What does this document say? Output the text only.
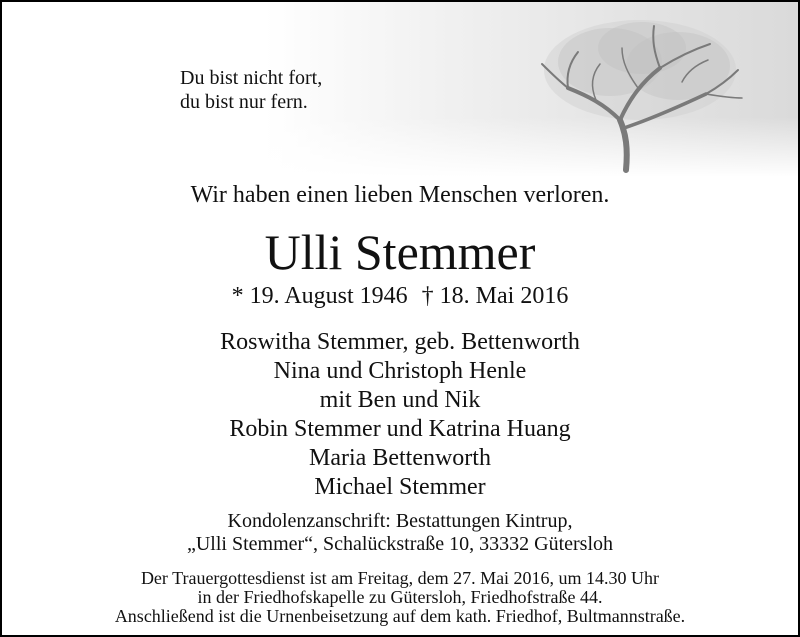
Du bist nicht fort,
du bist nur fern.
Wir haben einen lieben Menschen verloren.
Ulli Stemmer
* 19. August 1946 † 18. Mai 2016
Roswitha Stemmer, geb. Bettenworth
Nina und Christoph Henle
mit Ben und Nik
Robin Stemmer und Katrina Huang
Maria Bettenworth
Michael Stemmer
Kondolenzanschrift: Bestattungen Kintrup,
„Ulli Stemmer“, Schalückstraße 10, 33332 Gütersloh
Der Trauergottesdienst ist am Freitag, dem 27. Mai 2016, um 14.30 Uhr
in der Friedhofskapelle zu Gütersloh, Friedhofstraße 44.
Anschließend ist die Urnenbeisetzung auf dem kath. Friedhof, Bultmannstraße.
